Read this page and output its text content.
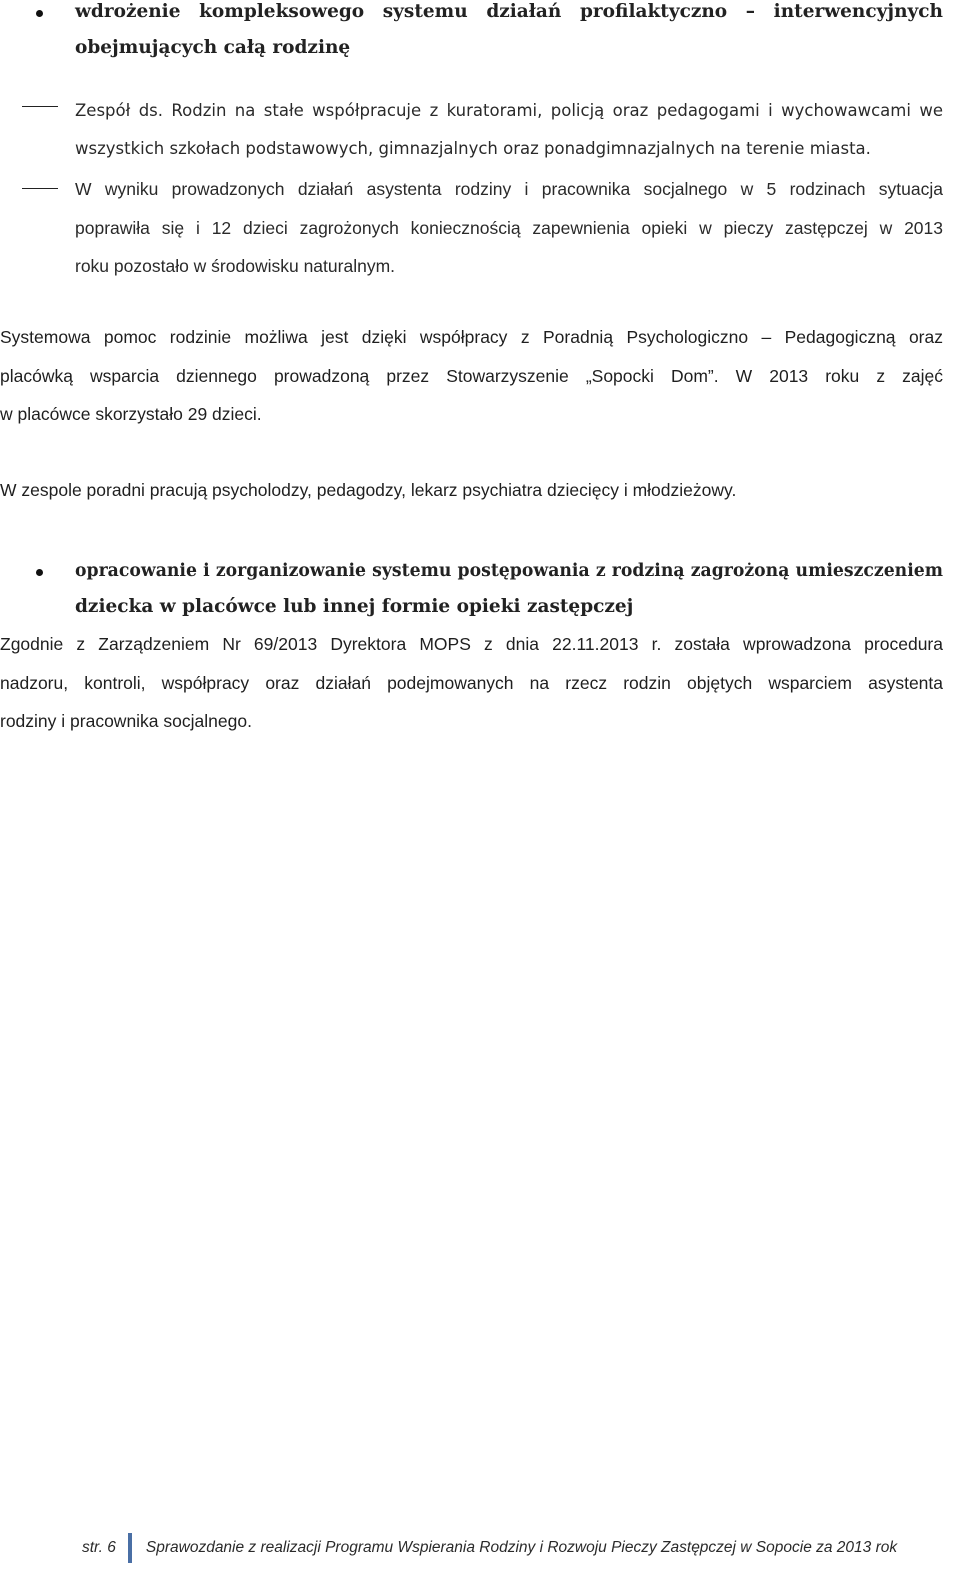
wdrożenie kompleksowego systemu działań profilaktyczno – interwencyjnych
obejmujących całą rodzinę
Zespół ds. Rodzin na stałe współpracuje z kuratorami, policją oraz pedagogami i wychowawcami we
wszystkich szkołach podstawowych, gimnazjalnych oraz ponadgimnazjalnych na terenie miasta.
W wyniku prowadzonych działań asystenta rodziny i pracownika socjalnego w 5 rodzinach sytuacja
poprawiła się i 12 dzieci zagrożonych koniecznością zapewnienia opieki w pieczy zastępczej w 2013
roku pozostało w środowisku naturalnym.
Systemowa pomoc rodzinie możliwa jest dzięki współpracy z Poradnią Psychologiczno – Pedagogiczną oraz
placówką wsparcia dziennego prowadzoną przez Stowarzyszenie „Sopocki Dom”. W 2013 roku z zajęć
w placówce skorzystało 29 dzieci.
W zespole poradni pracują psycholodzy, pedagodzy, lekarz psychiatra dziecięcy i młodzieżowy.
opracowanie i zorganizowanie systemu postępowania z rodziną zagrożoną umieszczeniem
dziecka w placówce lub innej formie opieki zastępczej
Zgodnie z Zarządzeniem Nr 69/2013 Dyrektora MOPS z dnia 22.11.2013 r. została wprowadzona procedura
nadzoru, kontroli, współpracy oraz działań podejmowanych na rzecz rodzin objętych wsparciem asystenta
rodziny i pracownika socjalnego.
str. 6 Sprawozdanie z realizacji Programu Wspierania Rodziny i Rozwoju Pieczy Zastępczej w Sopocie za 2013 rok
